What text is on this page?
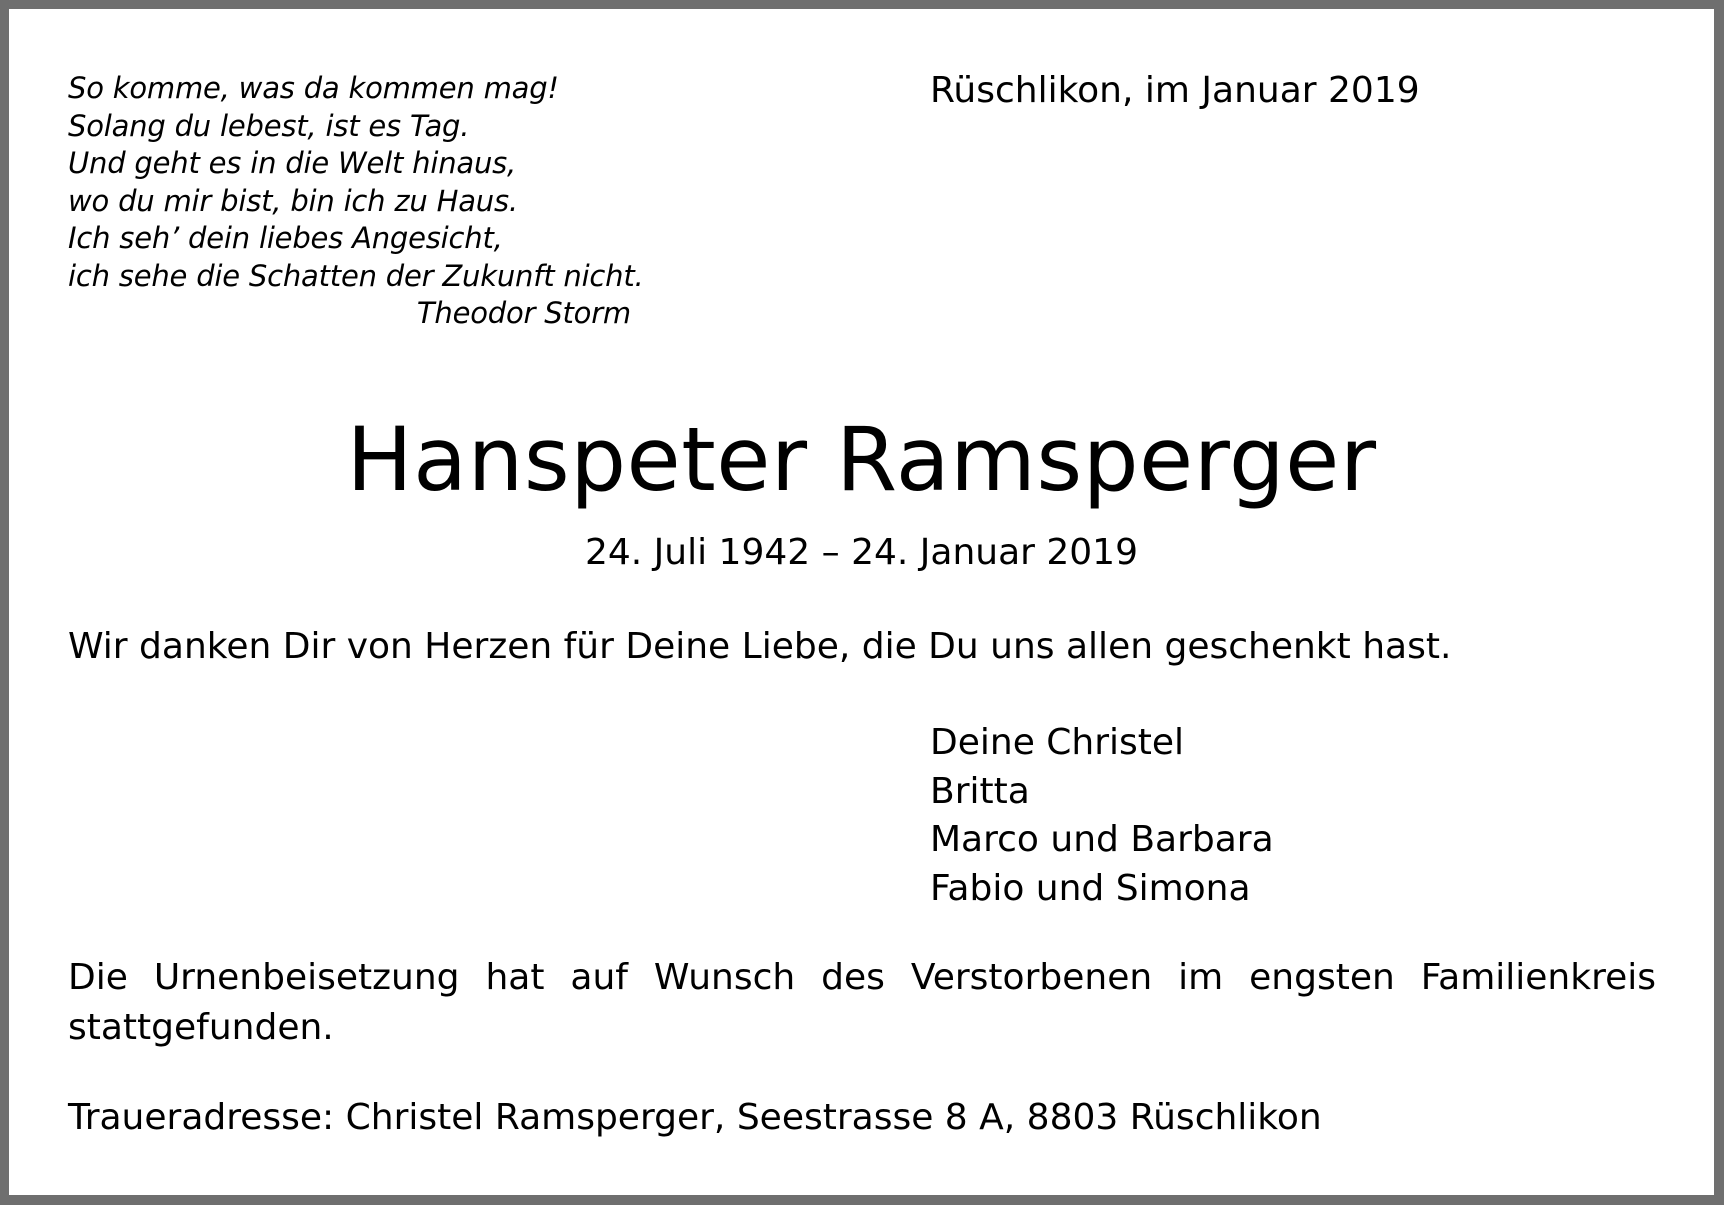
So komme, was da kommen mag!
Solang du lebest, ist es Tag.
Und geht es in die Welt hinaus,
wo du mir bist, bin ich zu Haus.
Ich seh’ dein liebes Angesicht,
ich sehe die Schatten der Zukunft nicht.
Theodor Storm
Rüschlikon, im Januar 2019
Hanspeter Ramsperger
24. Juli 1942 – 24. Januar 2019

Wir danken Dir von Herzen für Deine Liebe, die Du uns allen geschenkt hast.

Deine Christel
Britta
Marco und Barbara
Fabio und Simona

Die Urnenbeisetzung hat auf Wunsch des Verstorbenen im engsten Familienkreis stattgefunden.

Traueradresse: Christel Ramsperger, Seestrasse 8 A, 8803 Rüschlikon
